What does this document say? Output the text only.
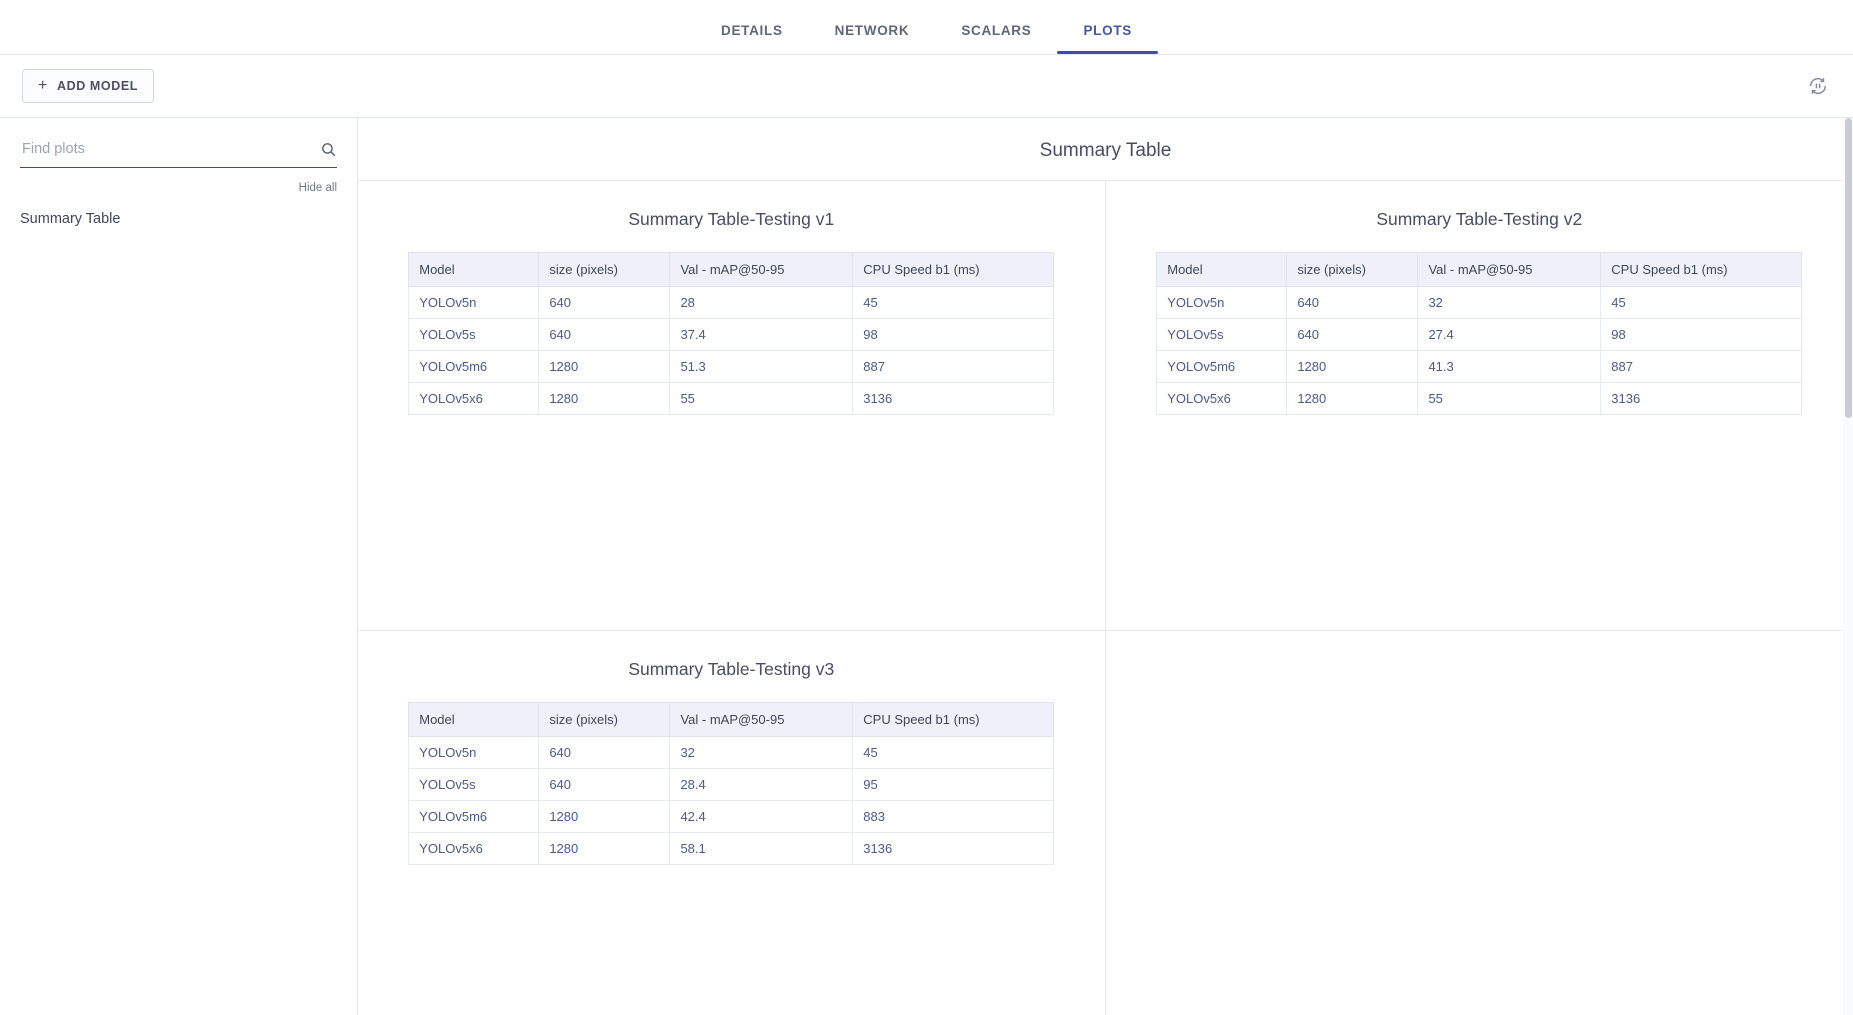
DETAILS	NETWORK	SCALARS	PLOTS
+ ADD MODEL
Find plots
Hide all
Summary Table
Summary Table
Summary Table-Testing v1
Model	size (pixels)	Val - mAP@50-95	CPU Speed b1 (ms)
YOLOv5n	640	28	45
YOLOv5s	640	37.4	98
YOLOv5m6	1280	51.3	887
YOLOv5x6	1280	55	3136
Summary Table-Testing v2
Model	size (pixels)	Val - mAP@50-95	CPU Speed b1 (ms)
YOLOv5n	640	32	45
YOLOv5s	640	27.4	98
YOLOv5m6	1280	41.3	887
YOLOv5x6	1280	55	3136
Summary Table-Testing v3
Model	size (pixels)	Val - mAP@50-95	CPU Speed b1 (ms)
YOLOv5n	640	32	45
YOLOv5s	640	28.4	95
YOLOv5m6	1280	42.4	883
YOLOv5x6	1280	58.1	3136
